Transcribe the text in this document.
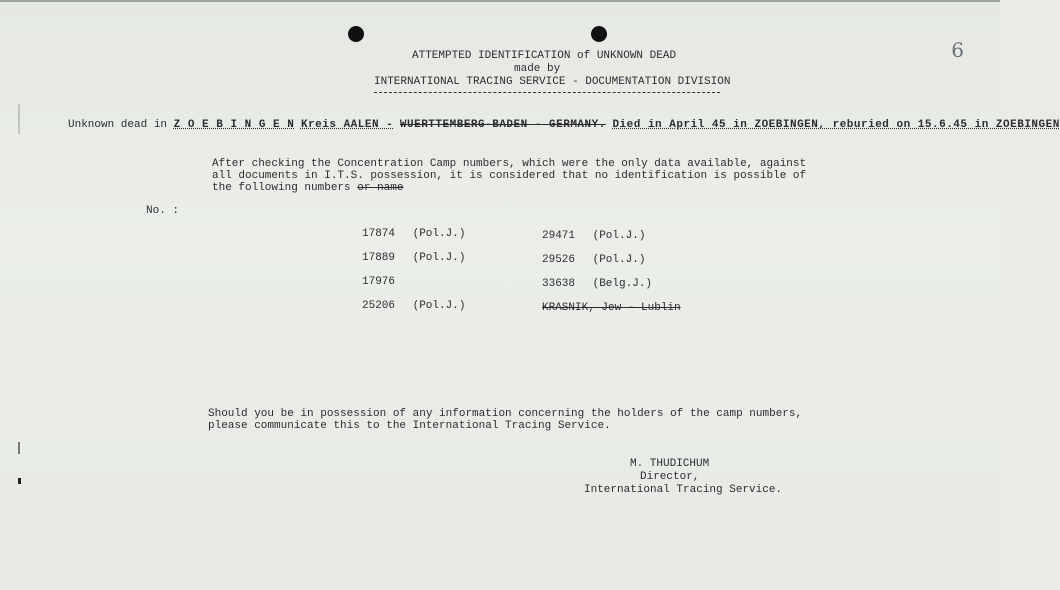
6
ATTEMPTED IDENTIFICATION of UNKNOWN DEAD
made by
INTERNATIONAL TRACING SERVICE - DOCUMENTATION DIVISION
Unknown dead in Z O E B I N G E N Kreis AALEN - WUERTTEMBERG-BADEN - GERMANY. Died in April 45 in ZOEBINGEN, reburied on 15.6.45 in ZOEBINGEN
After checking the Concentration Camp numbers, which were the only data available, against all documents in I.T.S. possession, it is considered that no identification is possible of the following numbers or name
No. :
17874 (Pol.J.)
17889 (Pol.J.)
17976
25206 (Pol.J.)
29471 (Pol.J.)
29526 (Pol.J.)
33638 (Belg.J.)
KRASNIK, Jew - Lublin
Should you be in possession of any information concerning the holders of the camp numbers, please communicate this to the International Tracing Service.
M. THUDICHUM
Director,
International Tracing Service.
